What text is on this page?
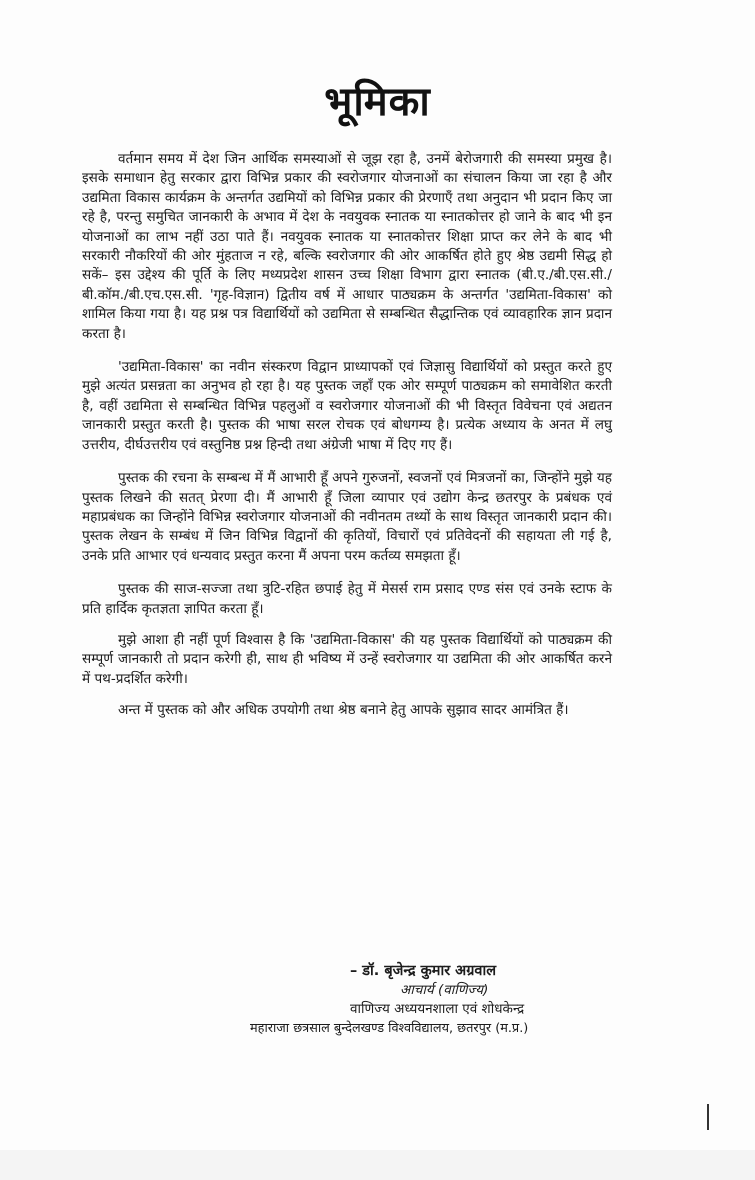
भूमिका

वर्तमान समय में देश जिन आर्थिक समस्याओं से जूझ रहा है, उनमें बेरोजगारी की समस्या प्रमुख है। इसके समाधान हेतु सरकार द्वारा विभिन्न प्रकार की स्वरोजगार योजनाओं का संचालन किया जा रहा है और उद्यमिता विकास कार्यक्रम के अन्तर्गत उद्यमियों को विभिन्न प्रकार की प्रेरणाएँ तथा अनुदान भी प्रदान किए जा रहे है, परन्तु समुचित जानकारी के अभाव में देश के नवयुवक स्नातक या स्नातकोत्तर हो जाने के बाद भी इन योजनाओं का लाभ नहीं उठा पाते हैं। नवयुवक स्नातक या स्नातकोत्तर शिक्षा प्राप्त कर लेने के बाद भी सरकारी नौकरियों की ओर मुंहताज न रहे, बल्कि स्वरोजगार की ओर आकर्षित होते हुए श्रेष्ठ उद्यमी सिद्ध हो सकें– इस उद्देश्य की पूर्ति के लिए मध्यप्रदेश शासन उच्च शिक्षा विभाग द्वारा स्नातक (बी.ए./बी.एस.सी./बी.कॉम./बी.एच.एस.सी. 'गृह-विज्ञान) द्वितीय वर्ष में आधार पाठ्यक्रम के अन्तर्गत 'उद्यमिता-विकास' को शामिल किया गया है। यह प्रश्न पत्र विद्यार्थियों को उद्यमिता से सम्बन्धित सैद्धान्तिक एवं व्यावहारिक ज्ञान प्रदान करता है।

'उद्यमिता-विकास' का नवीन संस्करण विद्वान प्राध्यापकों एवं जिज्ञासु विद्यार्थियों को प्रस्तुत करते हुए मुझे अत्यंत प्रसन्नता का अनुभव हो रहा है। यह पुस्तक जहाँ एक ओर सम्पूर्ण पाठ्यक्रम को समावेशित करती है, वहीं उद्यमिता से सम्बन्धित विभिन्न पहलुओं व स्वरोजगार योजनाओं की भी विस्तृत विवेचना एवं अद्यतन जानकारी प्रस्तुत करती है। पुस्तक की भाषा सरल रोचक एवं बोधगम्य है। प्रत्येक अध्याय के अनत में लघु उत्तरीय, दीर्घउत्तरीय एवं वस्तुनिष्ठ प्रश्न हिन्दी तथा अंग्रेजी भाषा में दिए गए हैं।

पुस्तक की रचना के सम्बन्ध में मैं आभारी हूँ अपने गुरुजनों, स्वजनों एवं मित्रजनों का, जिन्होंने मुझे यह पुस्तक लिखने की सतत् प्रेरणा दी। मैं आभारी हूँ जिला व्यापार एवं उद्योग केन्द्र छतरपुर के प्रबंधक एवं महाप्रबंधक का जिन्होंने विभिन्न स्वरोजगार योजनाओं की नवीनतम तथ्यों के साथ विस्तृत जानकारी प्रदान की। पुस्तक लेखन के सम्बंध में जिन विभिन्न विद्वानों की कृतियों, विचारों एवं प्रतिवेदनों की सहायता ली गई है, उनके प्रति आभार एवं धन्यवाद प्रस्तुत करना मैं अपना परम कर्तव्य समझता हूँ।

पुस्तक की साज-सज्जा तथा त्रुटि-रहित छपाई हेतु में मेसर्स राम प्रसाद एण्ड संस एवं उनके स्टाफ के प्रति हार्दिक कृतज्ञता ज्ञापित करता हूँ।

मुझे आशा ही नहीं पूर्ण विश्वास है कि 'उद्यमिता-विकास' की यह पुस्तक विद्यार्थियों को पाठ्यक्रम की सम्पूर्ण जानकारी तो प्रदान करेगी ही, साथ ही भविष्य में उन्हें स्वरोजगार या उद्यमिता की ओर आकर्षित करने में पथ-प्रदर्शित करेगी।

अन्त में पुस्तक को और अधिक उपयोगी तथा श्रेष्ठ बनाने हेतु आपके सुझाव सादर आमंत्रित हैं।

– डॉ. बृजेन्द्र कुमार अग्रवाल
आचार्य (वाणिज्य)
वाणिज्य अध्ययनशाला एवं शोधकेन्द्र
महाराजा छत्रसाल बुन्देलखण्ड विश्वविद्यालय, छतरपुर (म.प्र.)
